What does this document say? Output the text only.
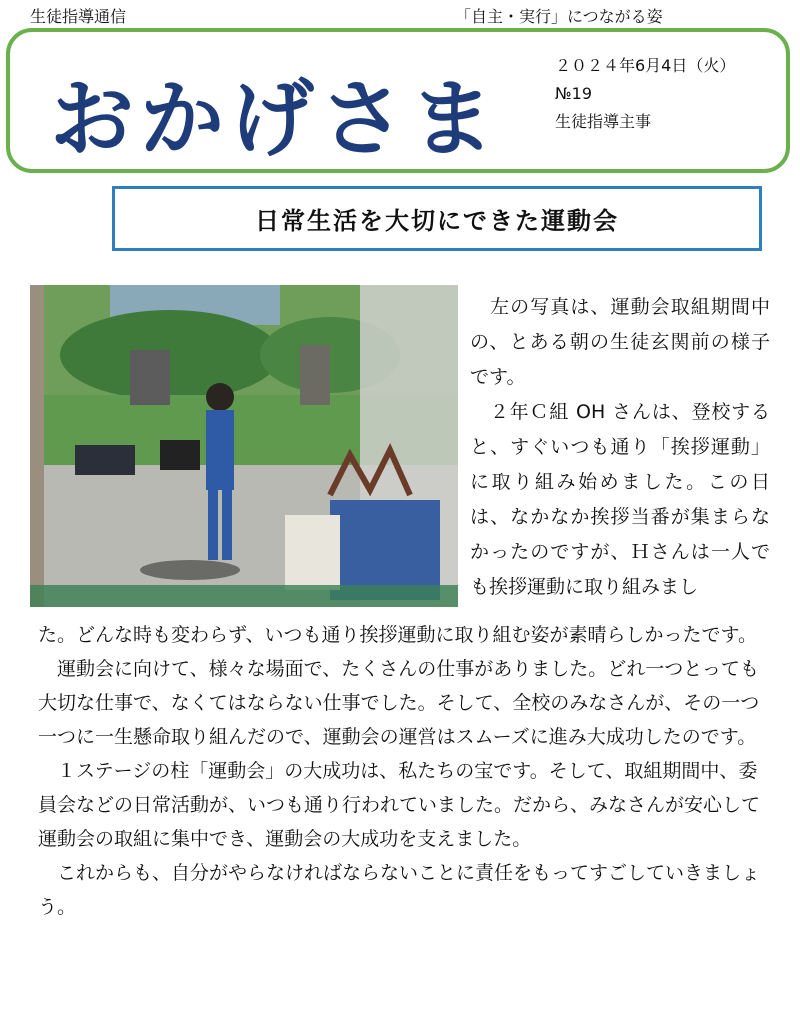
生徒指導通信	「自主・実行」につながる姿
おかげさま
２０２４年6月4日（火）
№19
生徒指導主事
日常生活を大切にできた運動会

　左の写真は、運動会取組期間中の、とある朝の生徒玄関前の様子です。

　２年Ｃ組 OH さんは、登校すると、すぐいつも通り「挨拶運動」に取り組み始めました。この日は、なかなか挨拶当番が集まらなかったのですが、Ｈさんは一人でも挨拶運動に取り組みまし

た。どんな時も変わらず、いつも通り挨拶運動に取り組む姿が素晴らしかったです。

運動会に向けて、様々な場面で、たくさんの仕事がありました。どれ一つとっても大切な仕事で、なくてはならない仕事でした。そして、全校のみなさんが、その一つ一つに一生懸命取り組んだので、運動会の運営はスムーズに進み大成功したのです。

１ステージの柱「運動会」の大成功は、私たちの宝です。そして、取組期間中、委員会などの日常活動が、いつも通り行われていました。だから、みなさんが安心して運動会の取組に集中でき、運動会の大成功を支えました。

これからも、自分がやらなければならないことに責任をもってすごしていきましょう。
